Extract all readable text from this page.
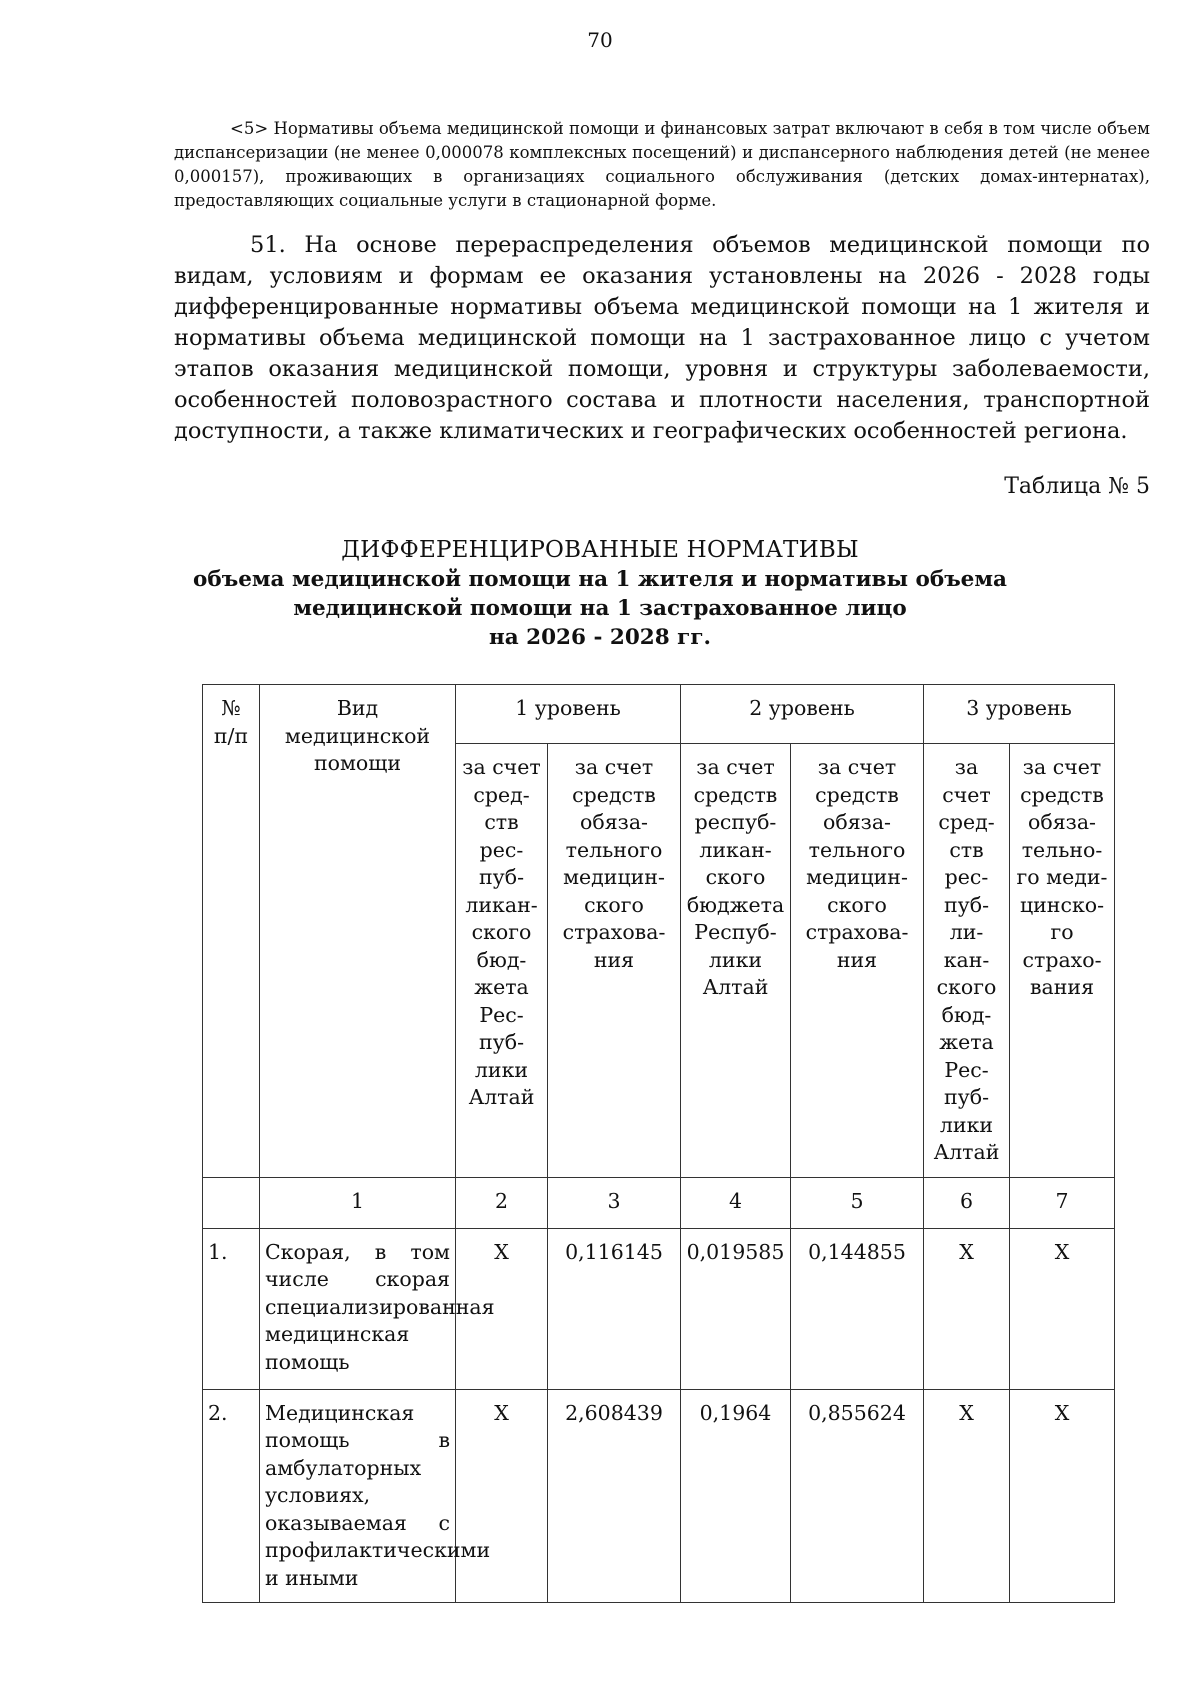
70
<5> Нормативы объема медицинской помощи и финансовых затрат включают в себя в том числе объем диспансеризации (не менее 0,000078 комплексных посещений) и диспансерного наблюдения детей (не менее 0,000157), проживающих в организациях социального обслуживания (детских домах-интернатах), предоставляющих социальные услуги в стационарной форме.
51. На основе перераспределения объемов медицинской помощи по видам, условиям и формам ее оказания установлены на 2026 - 2028 годы дифференцированные нормативы объема медицинской помощи на 1 жителя и нормативы объема медицинской помощи на 1 застрахованное лицо с учетом этапов оказания медицинской помощи, уровня и структуры заболеваемости, особенностей половозрастного состава и плотности населения, транспортной доступности, а также климатических и географических особенностей региона.
Таблица № 5
ДИФФЕРЕНЦИРОВАННЫЕ НОРМАТИВЫ
объема медицинской помощи на 1 жителя и нормативы объема
медицинской помощи на 1 застрахованное лицо
на 2026 - 2028 гг.
№ п/п	Вид медицинской помощи	1 уровень		2 уровень		3 уровень	
		за счет сред-ств рес-пуб-ликан-ского бюд-жета Рес-пуб-лики Алтай	за счет средств обяза-тельного медицин-ского страхова-ния	за счет средств респуб-ликан-ского бюджета Респуб-лики Алтай	за счет средств обяза-тельного медицин-ского страхова-ния	за счет сред-ств рес-пуб-ли-кан-ского бюд-жета Рес-пуб-лики Алтай	за счет средств обяза-тельно-го меди-цинско-го страхо-вания
	1	2	3	4	5	6	7
1.	Скорая, в том числе скорая специализированная медицинская помощь	X	0,116145	0,019585	0,144855	X	X
2.	Медицинская помощь в амбулаторных условиях, оказываемая с профилактическими и иными	X	2,608439	0,1964	0,855624	X	X
